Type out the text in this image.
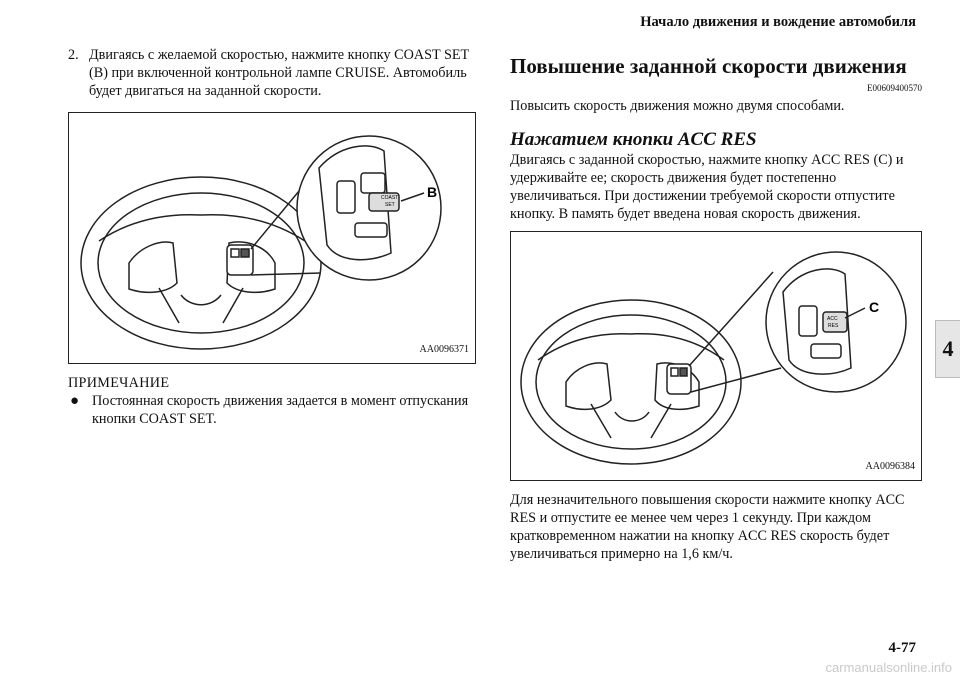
Начало движения и вождение автомобиля
4
2. Двигаясь с желаемой скоростью, нажмите кнопку COAST SET (B) при включенной контрольной лампе CRUISE. Автомобиль будет двигаться на заданной скорости.
COAST
SET
B
AA0096371
ПРИМЕЧАНИЕ
● Постоянная скорость движения задается в момент отпускания кнопки COAST SET.
Повышение заданной скорости движения
E00609400570

Повысить скорость движения можно двумя способами.

Нажатием кнопки ACC RES

Двигаясь с заданной скоростью, нажмите кнопку ACC RES (C) и удерживайте ее; скорость движения будет постепенно увеличиваться. При достижении требуемой скорости отпустите кнопку. В память будет введена новая скорость движения.

ACC
RES
C
AA0096384

Для незначительного повышения скорости нажмите кнопку ACC RES и отпустите ее менее чем через 1 секунду. При каждом кратковременном нажатии на кнопку ACC RES скорость будет увеличиваться примерно на 1,6 км/ч.

4-77
carmanualsonline.info
